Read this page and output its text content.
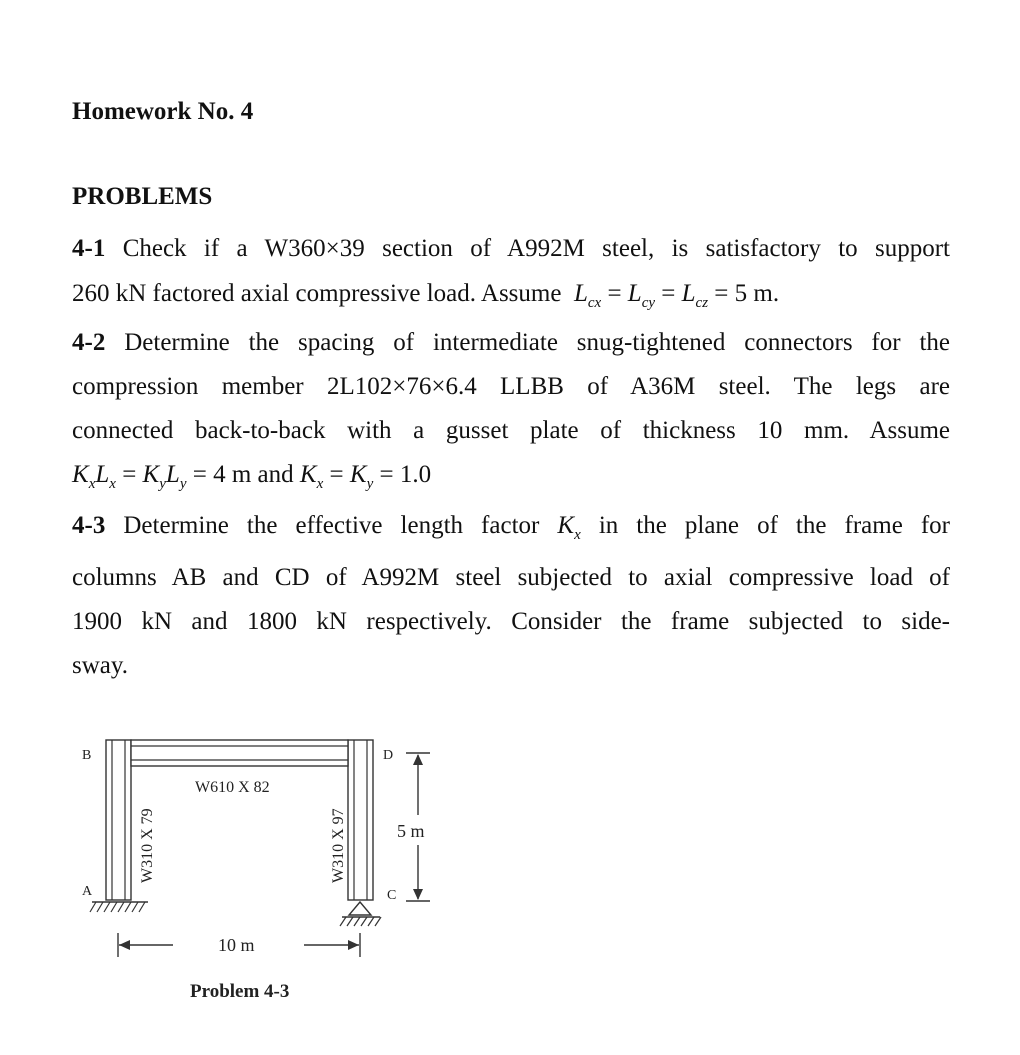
Homework No. 4
PROBLEMS
4-1 Check if a W360×39 section of A992M steel, is satisfactory to support
260 kN factored axial compressive load. Assume $L_{cx} = L_{cy} = L_{cz} = 5$ m.
4-2 Determine the spacing of intermediate snug-tightened connectors for the
compression member 2L102×76×6.4 LLBB of A36M steel. The legs are
connected back-to-back with a gusset plate of thickness 10 mm. Assume
$K_xL_x = K_yL_y = 4$ m and $K_x = K_y = 1.0$
4-3 Determine the effective length factor $K_x$ in the plane of the frame for
columns AB and CD of A992M steel subjected to axial compressive load of
1900 kN and 1800 kN respectively. Consider the frame subjected to side-
sway.
B
A
D
C
W610 X 82
W310 X 79	W310 X 97	5 m
10 m
Problem 4-3
